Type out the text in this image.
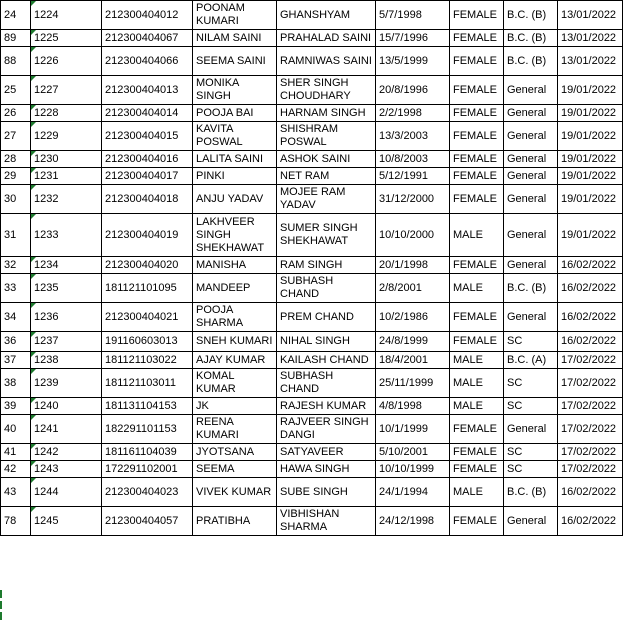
24	1224	212300404012	POONAM KUMARI	GHANSHYAM	5/7/1998	FEMALE	B.C. (B)	13/01/2022
89	1225	212300404067	NILAM SAINI	PRAHALAD SAINI	15/7/1996	FEMALE	B.C. (B)	13/01/2022
88	1226	212300404066	SEEMA SAINI	RAMNIWAS SAINI	13/5/1999	FEMALE	B.C. (B)	13/01/2022
25	1227	212300404013	MONIKA SINGH	SHER SINGH CHOUDHARY	20/8/1996	FEMALE	General	19/01/2022
26	1228	212300404014	POOJA BAI	HARNAM SINGH	2/2/1998	FEMALE	General	19/01/2022
27	1229	212300404015	KAVITA POSWAL	SHISHRAM POSWAL	13/3/2003	FEMALE	General	19/01/2022
28	1230	212300404016	LALITA SAINI	ASHOK SAINI	10/8/2003	FEMALE	General	19/01/2022
29	1231	212300404017	PINKI	NET RAM	5/12/1991	FEMALE	General	19/01/2022
30	1232	212300404018	ANJU YADAV	MOJEE RAM YADAV	31/12/2000	FEMALE	General	19/01/2022
31	1233	212300404019	LAKHVEER SINGH SHEKHAWAT	SUMER SINGH SHEKHAWAT	10/10/2000	MALE	General	19/01/2022
32	1234	212300404020	MANISHA	RAM SINGH	20/1/1998	FEMALE	General	16/02/2022
33	1235	181121101095	MANDEEP	SUBHASH CHAND	2/8/2001	MALE	B.C. (B)	16/02/2022
34	1236	212300404021	POOJA SHARMA	PREM CHAND	10/2/1986	FEMALE	General	16/02/2022
36	1237	191160603013	SNEH KUMARI	NIHAL SINGH	24/8/1999	FEMALE	SC	16/02/2022
37	1238	181121103022	AJAY KUMAR	KAILASH CHAND	18/4/2001	MALE	B.C. (A)	17/02/2022
38	1239	181121103011	KOMAL KUMAR	SUBHASH CHAND	25/11/1999	MALE	SC	17/02/2022
39	1240	181131104153	JK	RAJESH KUMAR	4/8/1998	MALE	SC	17/02/2022
40	1241	182291101153	REENA KUMARI	RAJVEER SINGH DANGI	10/1/1999	FEMALE	General	17/02/2022
41	1242	181161104039	JYOTSANA	SATYAVEER	5/10/2001	FEMALE	SC	17/02/2022
42	1243	172291102001	SEEMA	HAWA SINGH	10/10/1999	FEMALE	SC	17/02/2022
43	1244	212300404023	VIVEK KUMAR	SUBE SINGH	24/1/1994	MALE	B.C. (B)	16/02/2022
78	1245	212300404057	PRATIBHA	VIBHISHAN SHARMA	24/12/1998	FEMALE	General	16/02/2022
